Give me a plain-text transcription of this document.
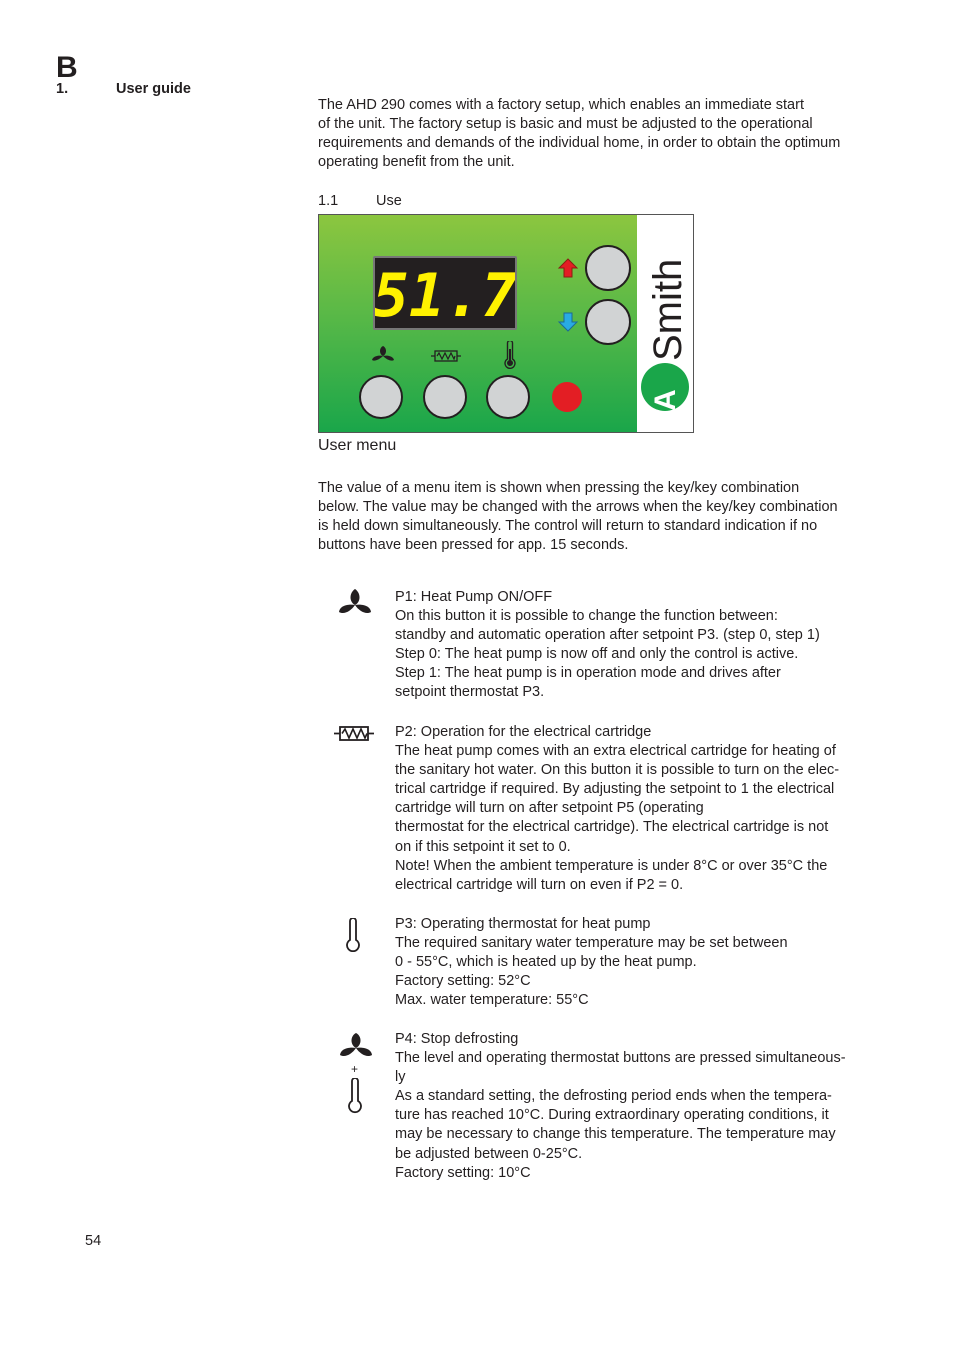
B
1.	User guide

The AHD 290 comes with a factory setup, which enables an immediate start

of the unit. The factory setup is basic and must be adjusted to the operational

requirements and demands of the individual home, in order to obtain the optimum

operating benefit from the unit.

1.1	Use
51.7
A
Smith
User menu

The value of a menu item is shown when pressing the key/key combination

below. The value may be changed with the arrows when the key/key combination

is held down simultaneously. The control will return to standard indication if no

buttons have been pressed for app. 15 seconds.

P1: Heat Pump ON/OFF

On this button it is possible to change the function between:

standby and automatic operation after setpoint P3. (step 0, step 1)

Step 0: The heat pump is now off and only the control is active.

Step 1: The heat pump is in operation mode and drives after

setpoint thermostat P3.

P2: Operation for the electrical cartridge

The heat pump comes with an extra electrical cartridge for heating of

the sanitary hot water. On this button it is possible to turn on the elec-

trical cartridge if required. By adjusting the setpoint to 1 the electrical

cartridge will turn on after setpoint P5 (operating

thermostat for the electrical cartridge). The electrical cartridge is not

on if this setpoint it set to 0.

Note! When the ambient temperature is under 8°C or over 35°C the

electrical cartridge will turn on even if P2 = 0.

P3: Operating thermostat for heat pump

The required sanitary water temperature may be set between

0 - 55°C, which is heated up by the heat pump.

Factory setting: 52°C

Max. water temperature: 55°C

+

P4: Stop defrosting

The level and operating thermostat buttons are pressed simultaneous-

ly

As a standard setting, the defrosting period ends when the tempera-

ture has reached 10°C. During extraordinary operating conditions, it

may be necessary to change this temperature. The temperature may

be adjusted between 0-25°C.

Factory setting: 10°C

54
